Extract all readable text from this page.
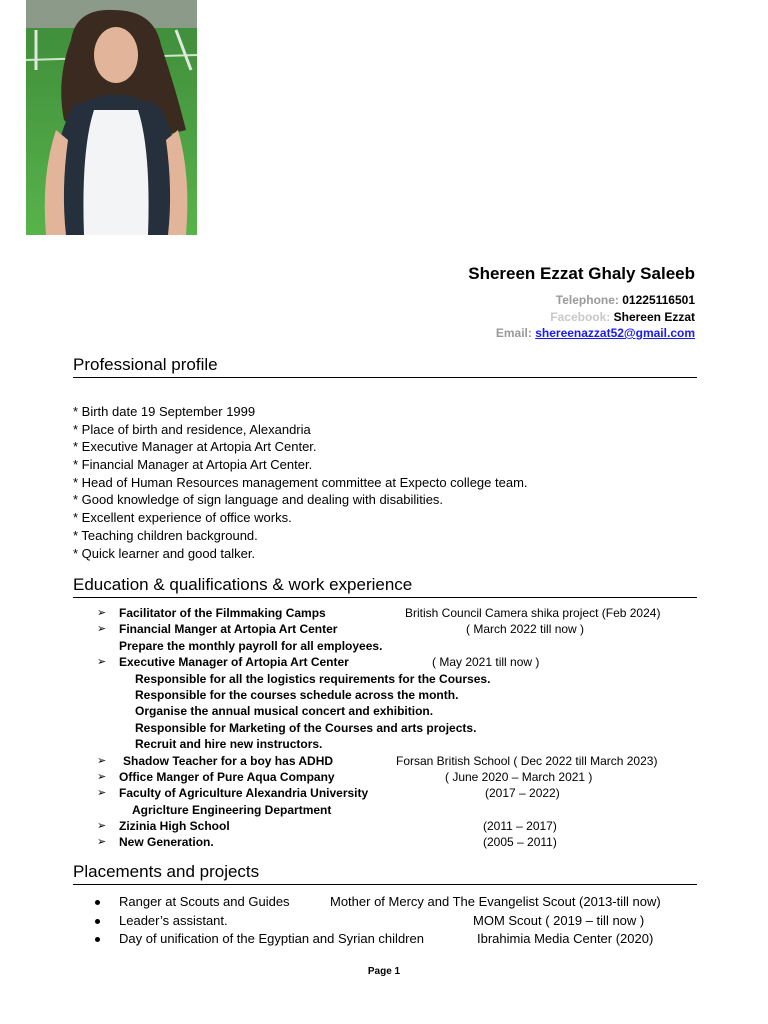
Shereen Ezzat Ghaly Saleeb
Telephone: 01225116501
Facebook: Shereen Ezzat
Email: shereenazzat52@gmail.com
Professional profile
* Birth date 19 September 1999
* Place of birth and residence, Alexandria
* Executive Manager at Artopia Art Center.
* Financial Manager at Artopia Art Center.
* Head of Human Resources management committee at Expecto college team.
* Good knowledge of sign language and dealing with disabilities.
* Excellent experience of office works.
* Teaching children background.
* Quick learner and good talker.
Education & qualifications & work experience
➢ Facilitator of the Filmmaking Camps	British Council Camera shika project (Feb 2024)
➢ Financial Manger at Artopia Art Center	( March 2022 till now )
Prepare the monthly payroll for all employees.
➢ Executive Manager of Artopia Art Center	( May 2021 till now )
Responsible for all the logistics requirements for the Courses.
Responsible for the courses schedule across the month.
Organise the annual musical concert and exhibition.
Responsible for Marketing of the Courses and arts projects.
Recruit and hire new instructors.
➢ Shadow Teacher for a boy has ADHD	Forsan British School ( Dec 2022 till March 2023)
➢ Office Manger of Pure Aqua Company	( June 2020 – March 2021 )
➢ Faculty of Agriculture Alexandria University	(2017 – 2022)
Agriclture Engineering Department
➢ Zizinia High School	(2011 – 2017)
➢ New Generation.	(2005 – 2011)
Placements and projects
Ranger at Scouts and Guides	Mother of Mercy and The Evangelist Scout (2013-till now)
Leader’s assistant.	MOM Scout ( 2019 – till now )
Day of unification of the Egyptian and Syrian children	Ibrahimia Media Center (2020)
Page 1
